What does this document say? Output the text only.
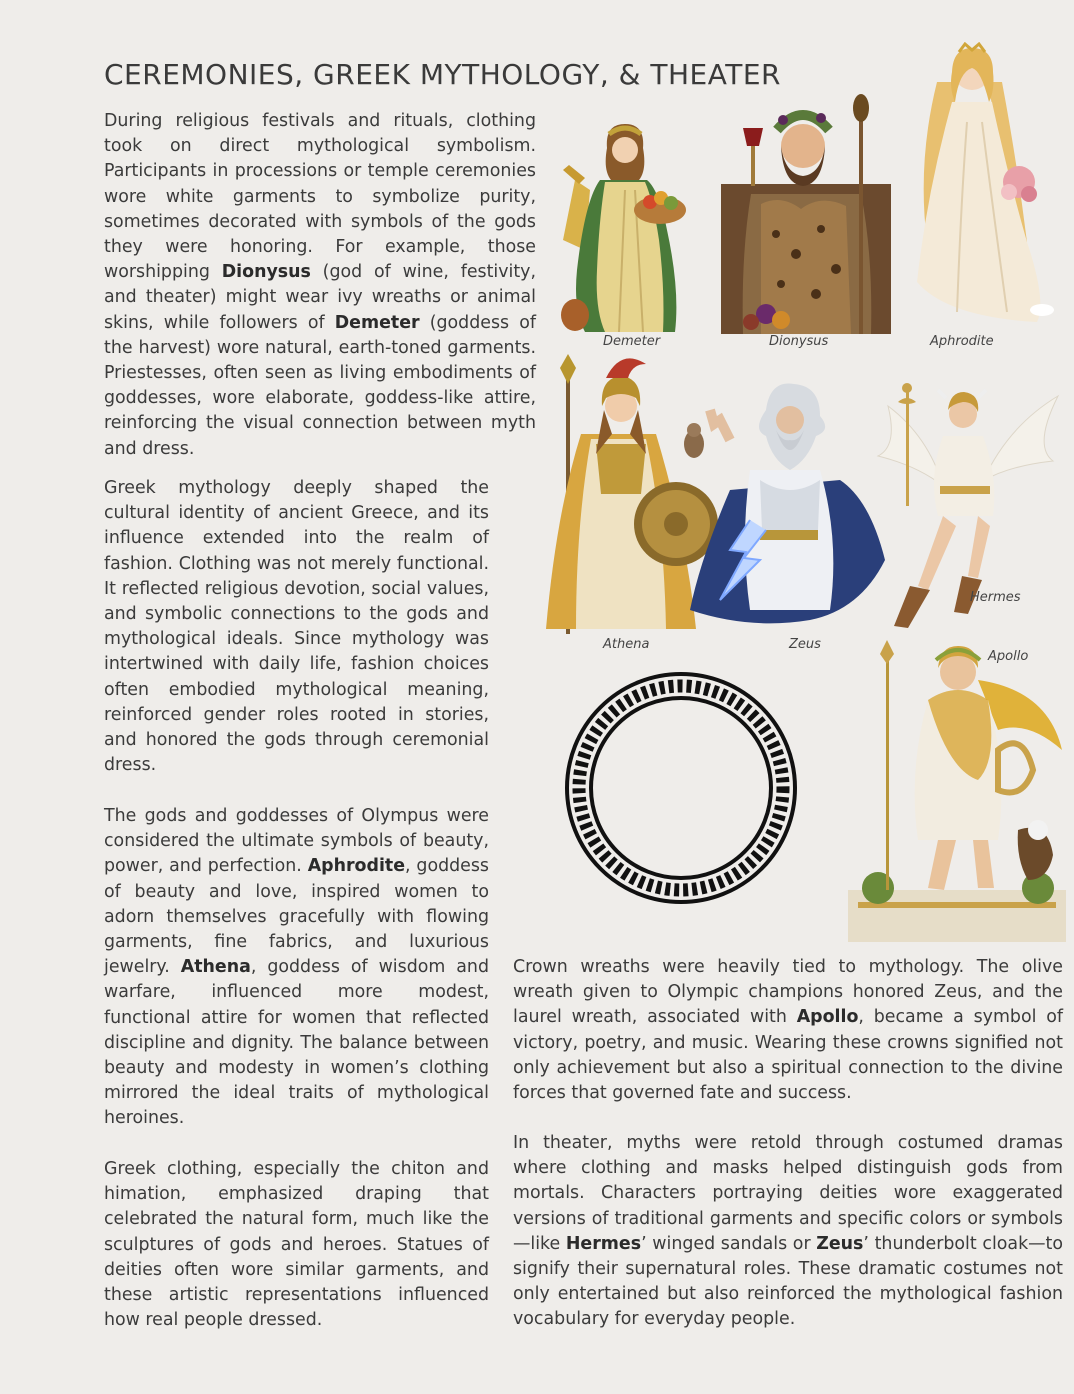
CEREMONIES, GREEK MYTHOLOGY, & THEATER

During religious festivals and rituals, clothing took on direct mythological symbolism. Participants in processions or temple ceremonies wore white garments to symbolize purity, sometimes decorated with symbols of the gods they were honoring. For example, those worshipping Dionysus (god of wine, festivity, and theater) might wear ivy wreaths or animal skins, while followers of Demeter (goddess of the harvest) wore natural, earth-toned garments. Priestesses, often seen as living embodiments of goddesses, wore elaborate, goddess-like attire, reinforcing the visual connection between myth and dress.

Greek mythology deeply shaped the cultural identity of ancient Greece, and its influence extended into the realm of fashion. Clothing was not merely functional. It reflected religious devotion, social values, and symbolic connections to the gods and mythological ideals. Since mythology was intertwined with daily life, fashion choices often embodied mythological meaning, reinforced gender roles rooted in stories, and honored the gods through ceremonial dress.

The gods and goddesses of Olympus were considered the ultimate symbols of beauty, power, and perfection. Aphrodite, goddess of beauty and love, inspired women to adorn themselves gracefully with flowing garments, fine fabrics, and luxurious jewelry. Athena, goddess of wisdom and warfare, influenced more modest, functional attire for women that reflected discipline and dignity. The balance between beauty and modesty in women’s clothing mirrored the ideal traits of mythological heroines.

Greek clothing, especially the chiton and himation, emphasized draping that celebrated the natural form, much like the sculptures of gods and heroes. Statues of deities often wore similar garments, and these artistic representations influenced how real people dressed.

Crown wreaths were heavily tied to mythology. The olive wreath given to Olympic champions honored Zeus, and the laurel wreath, associated with Apollo, became a symbol of victory, poetry, and music. Wearing these crowns signified not only achievement but also a spiritual connection to the divine forces that governed fate and success.

In theater, myths were retold through costumed dramas where clothing and masks helped distinguish gods from mortals. Characters portraying deities wore exaggerated versions of traditional garments and specific colors or symbols—like Hermes’ winged sandals or Zeus’ thunderbolt cloak—to signify their supernatural roles. These dramatic costumes not only entertained but also reinforced the mythological fashion vocabulary for everyday people.

Demeter	Dionysus	Aphrodite
Athena	Zeus
Hermes
Apollo
